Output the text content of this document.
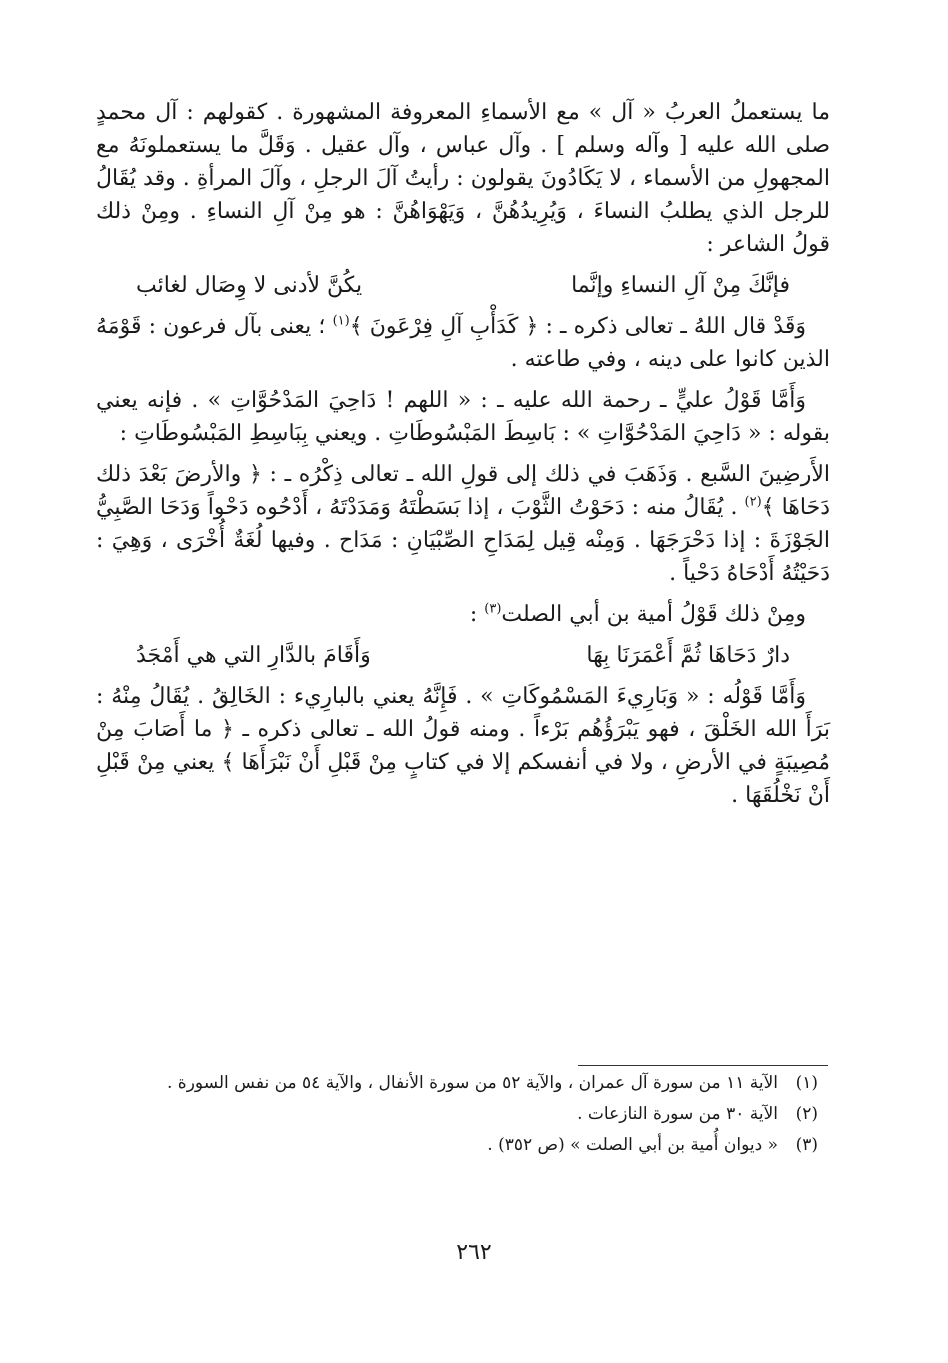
ما يستعملُ العربُ « آل » مع الأسماءِ المعروفة المشهورة . كقولهم : آل محمدٍ صلى الله عليه [ وآله وسلم ] . وآل عباس ، وآل عقيل . وَقَلَّ ما يستعملونَهُ مع المجهولِ من الأسماء ، لا يَكَادُونَ يقولون : رأيتُ آلَ الرجلِ ، وآلَ المرأةِ . وقد يُقَالُ للرجل الذي يطلبُ النساءَ ، وَيُرِيدُهُنَّ ، وَيَهْوَاهُنَّ : هو مِنْ آلِ النساءِ . ومِنْ ذلك قولُ الشاعر :

فإنَّكَ مِنْ آلِ النساءِ وإنَّما
يكُنَّ لأدنى لا وِصَال لغائب

وَقَدْ قال اللهُ ـ تعالى ذكره ـ : ﴿ كَدَأْبِ آلِ فِرْعَونَ ﴾$^{(١)}$ ؛ يعنى بآل فرعون : قَوْمَهُ الذين كانوا على دينه ، وفي طاعته .

وَأَمَّا قَوْلُ عليٍّ ـ رحمة الله عليه ـ : « اللهم ! دَاحِيَ المَدْحُوَّاتِ » . فإنه يعني بقوله : « دَاحِيَ المَدْحُوَّاتِ » : بَاسِطَ المَبْسُوطَاتِ . ويعني بِبَاسِطِ المَبْسُوطَاتِ :

الأَرضِينَ السَّبع . وَذَهَبَ في ذلك إلى قولِ الله ـ تعالى ذِكْرُه ـ : ﴿ والأرضَ بَعْدَ ذلك دَحَاهَا ﴾$^{(٢)}$ . يُقَالُ منه : دَحَوْتُ الثَّوْبَ ، إذا بَسَطْتَهُ وَمَدَدْتَهُ ، أَدْحُوه دَحْواً وَدَحَا الصَّبِيُّ الجَوْزَةَ : إذا دَحْرَجَهَا . وَمِنْه قِيل لِمَدَاحِ الصِّبْيَانِ : مَدَاح . وفيها لُغَةٌ أُخْرَى ، وَهِيَ : دَحَيْتُهُ أَدْحَاهُ دَحْياً .

ومِنْ ذلك قَوْلُ أمية بن أبي الصلت$^{(٣)}$ :

دارٌ دَحَاهَا ثُمَّ أَعْمَرَنَا بِهَا
وَأَقَامَ بالدَّارِ التي هي أَمْجَدُ

وَأَمَّا قَوْلُه : « وَبَارِيءَ المَسْمُوكَاتِ » . فَإِنَّهُ يعني بالبارِيء : الخَالِقُ . يُقَالُ مِنْهُ : بَرَأَ الله الخَلْقَ ، فهو يَبْرَؤُهُم بَرْءاً . ومنه قولُ الله ـ تعالى ذكره ـ ﴿ ما أَصَابَ مِنْ مُصِيبَةٍ في الأرضِ ، ولا في أنفسكم إلا في كتابٍ مِنْ قَبْلِ أَنْ نَبْرَأَهَا ﴾ يعني مِنْ قَبْلِ أَنْ نَخْلُقَهَا .

(١)
الآية ١١ من سورة آل عمران ، والآية ٥٢ من سورة الأنفال ، والآية ٥٤ من نفس السورة .
(٢)
الآية ٣٠ من سورة النازعات .
(٣)
« ديوان أُمية بن أبي الصلت » (ص ٣٥٢) .
٢٦٢
